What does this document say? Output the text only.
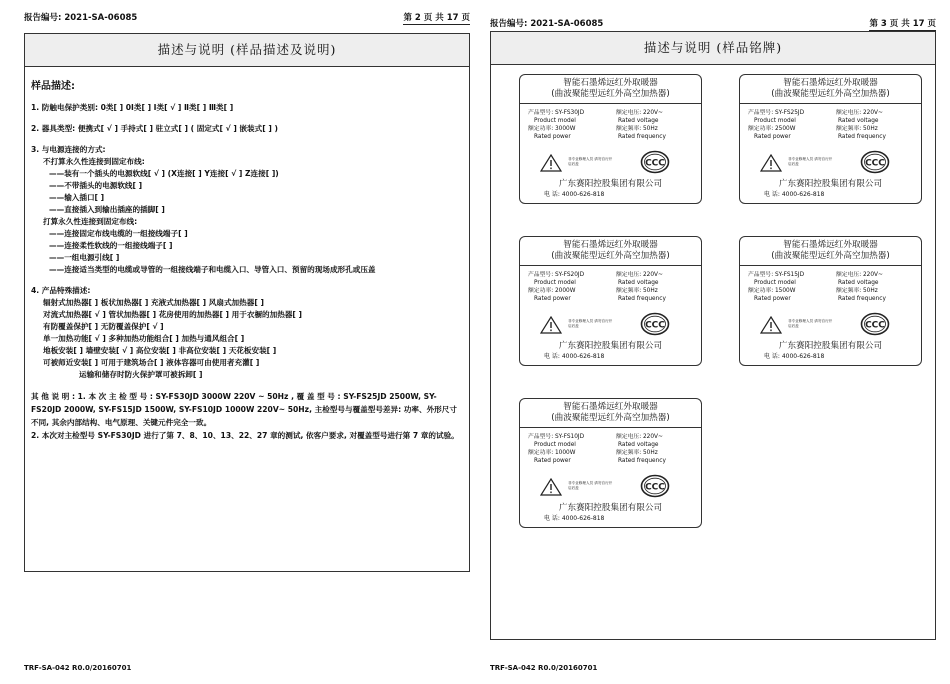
报告编号: 2021-SA-06085	第 2 页 共 17 页
描述与说明 (样品描述及说明)
样品描述:
1. 防触电保护类别: 0类[ ] 0Ⅰ类[ ] Ⅰ类[ √ ] Ⅱ类[ ] Ⅲ类[ ]
2. 器具类型: 便携式[ √ ] 手持式[ ] 驻立式[ ] ( 固定式[ √ ] 嵌装式[ ] )
3. 与电源连接的方式:
不打算永久性连接到固定布线:
——装有一个插头的电源软线[ √ ] (X连接[ ] Y连接[ √ ] Z连接[ ])
——不带插头的电源软线[ ]
——输入插口[ ]
——直接插入到输出插座的插脚[ ]
打算永久性连接到固定布线:
——连接固定布线电缆的一组接线端子[ ]
——连接柔性软线的一组接线端子[ ]
——一组电源引线[ ]
——连接适当类型的电缆或导管的一组接线端子和电缆入口、导管入口、预留的现场成形孔或压盖
4. 产品特殊描述:
辐射式加热器[ ] 板状加热器[ ] 充液式加热器[ ] 风扇式加热器[ ]
对流式加热器[ √ ] 管状加热器[ ] 花房使用的加热器[ ] 用于衣橱的加热器[ ]
有防覆盖保护[ ] 无防覆盖保护[ √ ]
单一加热功能[ √ ] 多种加热功能组合[ ] 加热与通风组合[ ]
地板安装[ ] 墙壁安装[ √ ] 高位安装[ ] 非高位安装[ ] 天花板安装[ ]
可被师近安装[ ] 可用于建筑场合[ ] 液体容器可由使用者充灌[ ]
运输和储存时防火保护罩可被拆卸[ ]
其 他 说 明 : 1. 本 次 主 检 型 号 : SY-FS30JD 3000W 220V ~ 50Hz , 覆 盖 型 号 : SY-FS25JD 2500W, SY-FS20JD 2000W, SY-FS15JD 1500W, SY-FS10JD 1000W 220V~ 50Hz, 主检型号与覆盖型号差异: 功率、外形尺寸不同, 其余内部结构、电气原理、关键元件完全一致。
2. 本次对主检型号 SY-FS30JD 进行了第 7、8、10、13、22、27 章的测试, 依客户要求, 对覆盖型号进行第 7 章的试验。
TRF-SA-042 R0.0/20160701
报告编号: 2021-SA-06085	第 3 页 共 17 页
描述与说明 (样品铭牌)
智能石墨烯远红外取暖器
(曲波聚能型远红外高空加热器)
产品型号: SY-FS30JD	额定电压: 220V~
Product model	Rated voltage
额定功率: 3000W	额定频率: 50Hz
Rated power	Rated frequency
非专业修理人员 请勿自行开启后盖	CCC
广东赛阳控股集团有限公司
电 话: 4000-626-818
智能石墨烯远红外取暖器
(曲波聚能型远红外高空加热器)
产品型号: SY-FS25JD	额定电压: 220V~
Product model	Rated voltage
额定功率: 2500W	额定频率: 50Hz
Rated power	Rated frequency
非专业修理人员 请勿自行开启后盖	CCC
广东赛阳控股集团有限公司
电 话: 4000-626-818
智能石墨烯远红外取暖器
(曲波聚能型远红外高空加热器)
产品型号: SY-FS20JD	额定电压: 220V~
Product model	Rated voltage
额定功率: 2000W	额定频率: 50Hz
Rated power	Rated frequency
非专业修理人员 请勿自行开启后盖	CCC
广东赛阳控股集团有限公司
电 话: 4000-626-818
智能石墨烯远红外取暖器
(曲波聚能型远红外高空加热器)
产品型号: SY-FS15JD	额定电压: 220V~
Product model	Rated voltage
额定功率: 1500W	额定频率: 50Hz
Rated power	Rated frequency
非专业修理人员 请勿自行开启后盖	CCC
广东赛阳控股集团有限公司
电 话: 4000-626-818
智能石墨烯远红外取暖器
(曲波聚能型远红外高空加热器)
产品型号: SY-FS10JD	额定电压: 220V~
Product model	Rated voltage
额定功率: 1000W	额定频率: 50Hz
Rated power	Rated frequency
非专业修理人员 请勿自行开启后盖	CCC
广东赛阳控股集团有限公司
电 话: 4000-626-818
TRF-SA-042 R0.0/20160701
